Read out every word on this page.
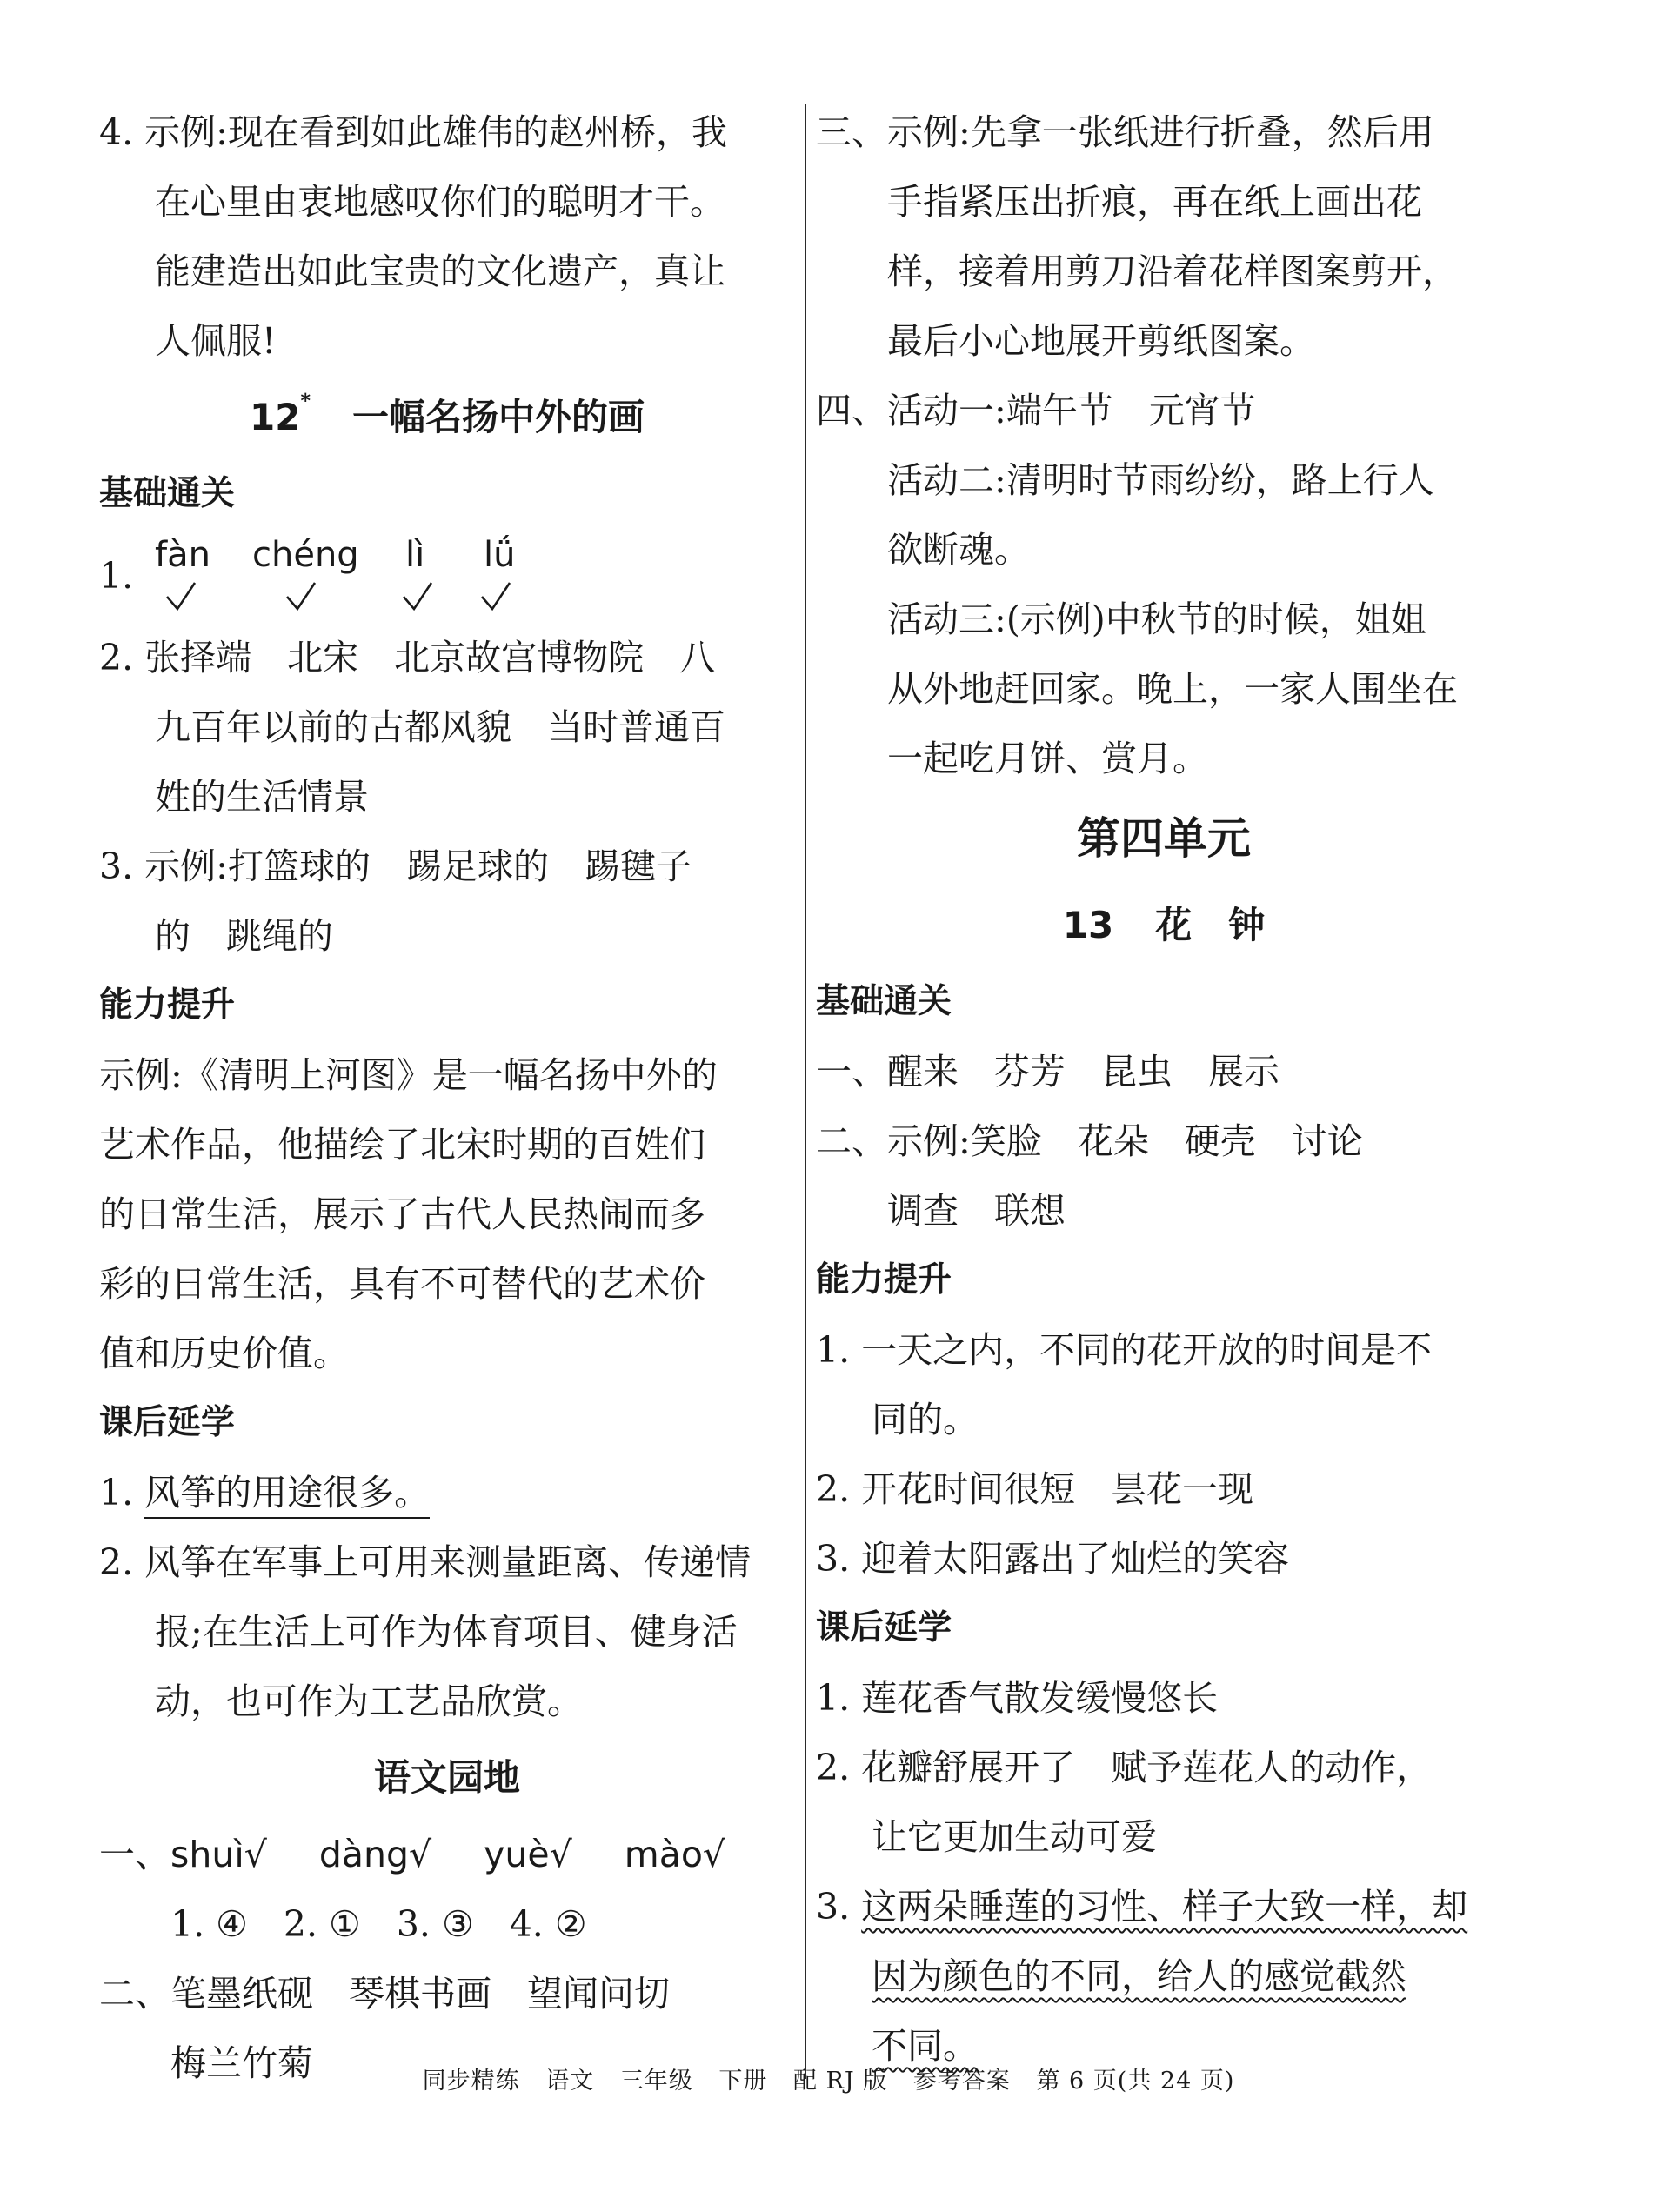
4. 示例:现在看到如此雄伟的赵州桥，我
在心里由衷地感叹你们的聪明才干。
能建造出如此宝贵的文化遗产，真让
人佩服!
12* 一幅名扬中外的画
基础通关
1. fàn chéng lì lǘ
2. 张择端　北宋　北京故宫博物院　八
九百年以前的古都风貌　当时普通百
姓的生活情景
3. 示例:打篮球的　踢足球的　踢毽子
的　跳绳的
能力提升
示例:《清明上河图》是一幅名扬中外的
艺术作品，他描绘了北宋时期的百姓们
的日常生活，展示了古代人民热闹而多
彩的日常生活，具有不可替代的艺术价
值和历史价值。
课后延学
1. 风筝的用途很多。
2. 风筝在军事上可用来测量距离、传递情
报;在生活上可作为体育项目、健身活
动，也可作为工艺品欣赏。
语文园地
一、shuì√ dàng√ yuè√ mào√
1. ④　2. ①　3. ③　4. ②
二、笔墨纸砚　琴棋书画　望闻问切
梅兰竹菊
三、示例:先拿一张纸进行折叠，然后用
手指紧压出折痕，再在纸上画出花
样，接着用剪刀沿着花样图案剪开，
最后小心地展开剪纸图案。
四、活动一:端午节　元宵节
活动二:清明时节雨纷纷，路上行人
欲断魂。
活动三:(示例)中秋节的时候，姐姐
从外地赶回家。晚上，一家人围坐在
一起吃月饼、赏月。
第四单元
13 花　钟
基础通关
一、醒来　芬芳　昆虫　展示
二、示例:笑脸　花朵　硬壳　讨论
调查　联想
能力提升
1. 一天之内，不同的花开放的时间是不
同的。
2. 开花时间很短　昙花一现
3. 迎着太阳露出了灿烂的笑容
课后延学
1. 莲花香气散发缓慢悠长
2. 花瓣舒展开了　赋予莲花人的动作，
让它更加生动可爱
3. 这两朵睡莲的习性、样子大致一样，却
因为颜色的不同，给人的感觉截然
不同。
同步精练 语文 三年级 下册 配 RJ 版 参考答案 第 6 页(共 24 页)
